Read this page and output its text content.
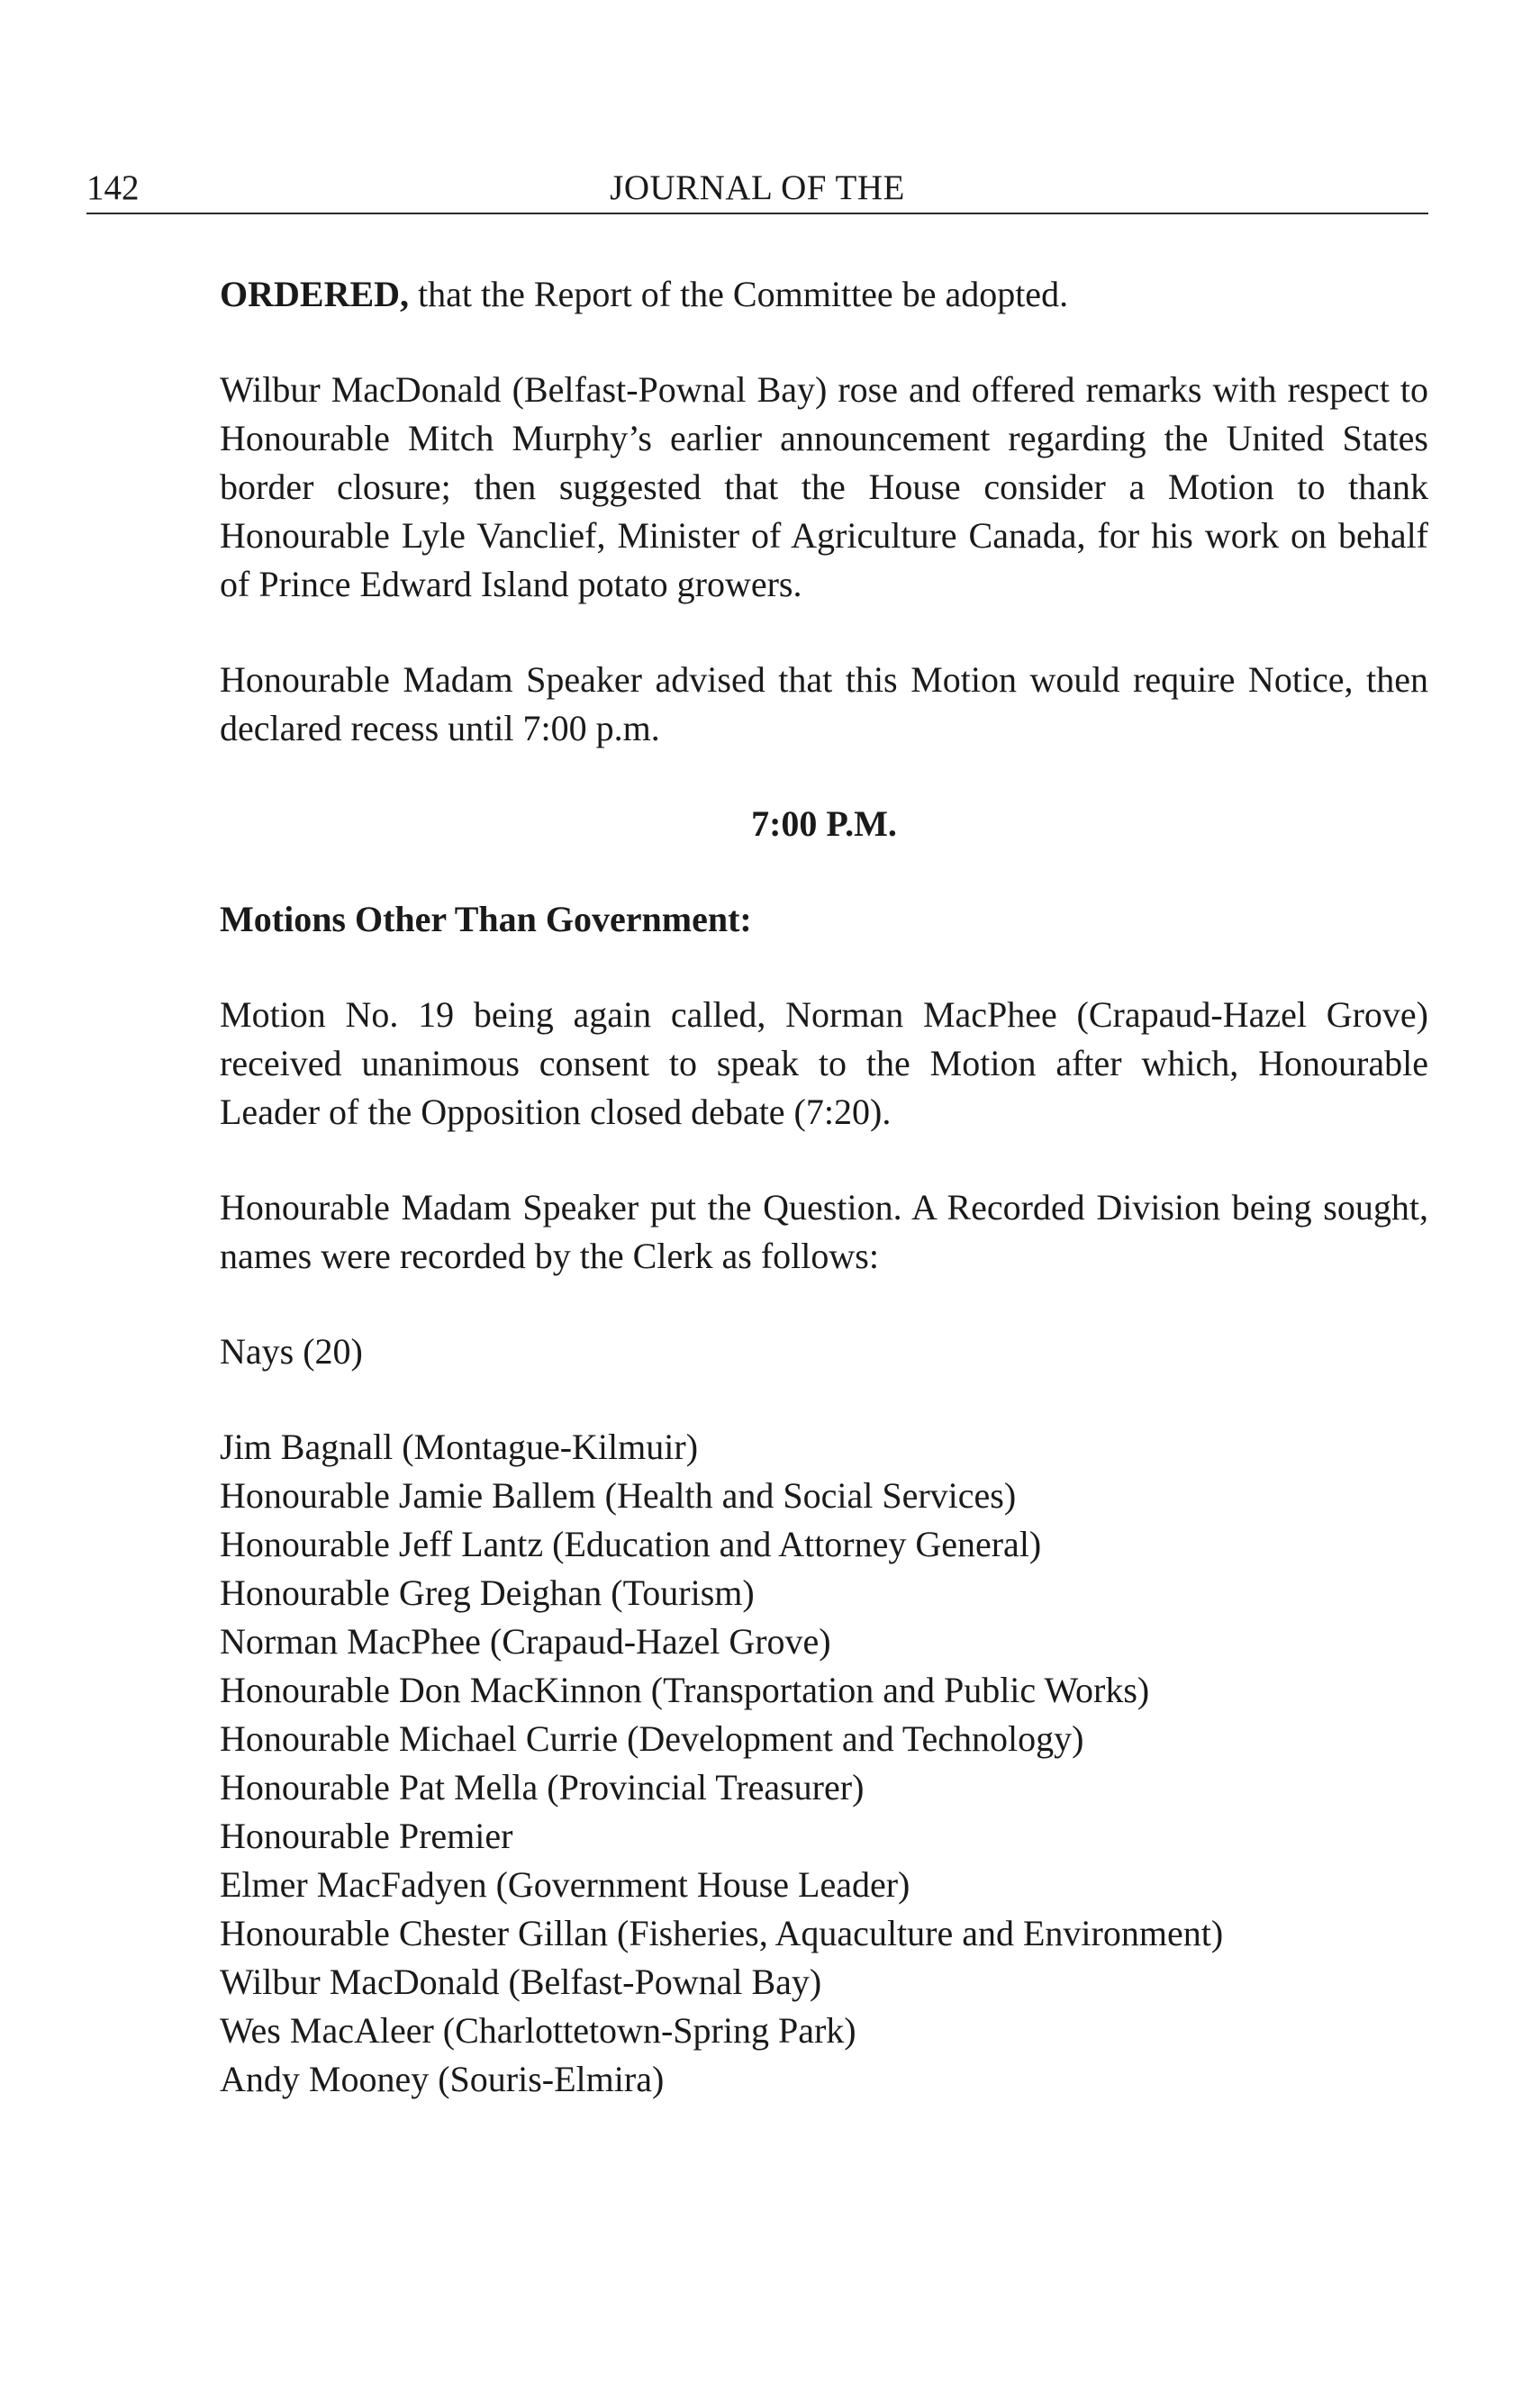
142	JOURNAL OF THE

ORDERED, that the Report of the Committee be adopted.

Wilbur MacDonald (Belfast-Pownal Bay) rose and offered remarks with respect to Honourable Mitch Murphy’s earlier announcement regarding the United States border closure; then suggested that the House consider a Motion to thank Honourable Lyle Vanclief, Minister of Agriculture Canada, for his work on behalf of Prince Edward Island potato growers.

Honourable Madam Speaker advised that this Motion would require Notice, then declared recess until 7:00 p.m.

7:00 P.M.
Motions Other Than Government:

Motion No. 19 being again called, Norman MacPhee (Crapaud-Hazel Grove) received unanimous consent to speak to the Motion after which, Honourable Leader of the Opposition closed debate (7:20).

Honourable Madam Speaker put the Question. A Recorded Division being sought, names were recorded by the Clerk as follows:

Nays (20)
Jim Bagnall (Montague-Kilmuir)
Honourable Jamie Ballem (Health and Social Services)
Honourable Jeff Lantz (Education and Attorney General)
Honourable Greg Deighan (Tourism)
Norman MacPhee (Crapaud-Hazel Grove)
Honourable Don MacKinnon (Transportation and Public Works)
Honourable Michael Currie (Development and Technology)
Honourable Pat Mella (Provincial Treasurer)
Honourable Premier
Elmer MacFadyen (Government House Leader)
Honourable Chester Gillan (Fisheries, Aquaculture and Environment)
Wilbur MacDonald (Belfast-Pownal Bay)
Wes MacAleer (Charlottetown-Spring Park)
Andy Mooney (Souris-Elmira)
